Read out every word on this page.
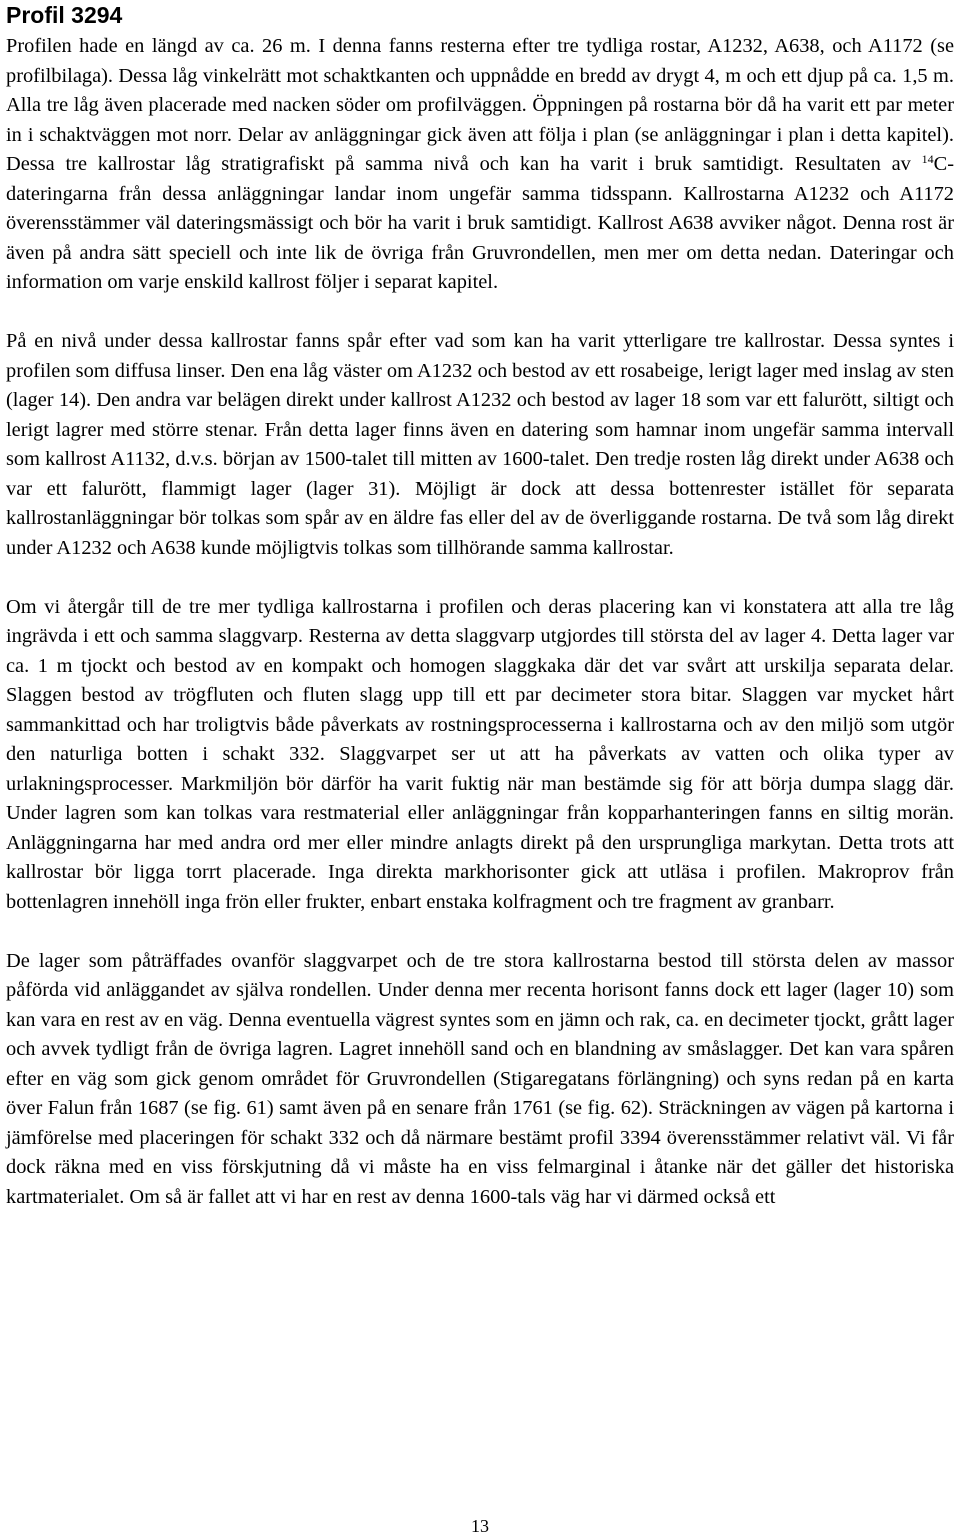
Profil 3294

Profilen hade en längd av ca. 26 m. I denna fanns resterna efter tre tydliga rostar, A1232, A638, och A1172 (se profilbilaga). Dessa låg vinkelrätt mot schaktkanten och uppnådde en bredd av drygt 4, m och ett djup på ca. 1,5 m. Alla tre låg även placerade med nacken söder om profilväggen. Öppningen på rostarna bör då ha varit ett par meter in i schaktväggen mot norr. Delar av anläggningar gick även att följa i plan (se anläggningar i plan i detta kapitel). Dessa tre kallrostar låg stratigrafiskt på samma nivå och kan ha varit i bruk samtidigt. Resultaten av $^{14}$C-dateringarna från dessa anläggningar landar inom ungefär samma tidsspann. Kallrostarna A1232 och A1172 överensstämmer väl dateringsmässigt och bör ha varit i bruk samtidigt. Kallrost A638 avviker något. Denna rost är även på andra sätt speciell och inte lik de övriga från Gruvrondellen, men mer om detta nedan. Dateringar och information om varje enskild kallrost följer i separat kapitel.

På en nivå under dessa kallrostar fanns spår efter vad som kan ha varit ytterligare tre kallrostar. Dessa syntes i profilen som diffusa linser. Den ena låg väster om A1232 och bestod av ett rosabeige, lerigt lager med inslag av sten (lager 14). Den andra var belägen direkt under kallrost A1232 och bestod av lager 18 som var ett falurött, siltigt och lerigt lagrer med större stenar. Från detta lager finns även en datering som hamnar inom ungefär samma intervall som kallrost A1132, d.v.s. början av 1500-talet till mitten av 1600-talet. Den tredje rosten låg direkt under A638 och var ett falurött, flammigt lager (lager 31). Möjligt är dock att dessa bottenrester istället för separata kallrostanläggningar bör tolkas som spår av en äldre fas eller del av de överliggande rostarna. De två som låg direkt under A1232 och A638 kunde möjligtvis tolkas som tillhörande samma kallrostar.

Om vi återgår till de tre mer tydliga kallrostarna i profilen och deras placering kan vi konstatera att alla tre låg ingrävda i ett och samma slaggvarp. Resterna av detta slaggvarp utgjordes till största del av lager 4. Detta lager var ca. 1 m tjockt och bestod av en kompakt och homogen slaggkaka där det var svårt att urskilja separata delar. Slaggen bestod av trögfluten och fluten slagg upp till ett par decimeter stora bitar. Slaggen var mycket hårt sammankittad och har troligtvis både påverkats av rostningsprocesserna i kallrostarna och av den miljö som utgör den naturliga botten i schakt 332. Slaggvarpet ser ut att ha påverkats av vatten och olika typer av urlakningsprocesser. Markmiljön bör därför ha varit fuktig när man bestämde sig för att börja dumpa slagg där. Under lagren som kan tolkas vara restmaterial eller anläggningar från kopparhanteringen fanns en siltig morän. Anläggningarna har med andra ord mer eller mindre anlagts direkt på den ursprungliga markytan. Detta trots att kallrostar bör ligga torrt placerade. Inga direkta markhorisonter gick att utläsa i profilen. Makroprov från bottenlagren innehöll inga frön eller frukter, enbart enstaka kolfragment och tre fragment av granbarr.

De lager som påträffades ovanför slaggvarpet och de tre stora kallrostarna bestod till största delen av massor påförda vid anläggandet av själva rondellen. Under denna mer recenta horisont fanns dock ett lager (lager 10) som kan vara en rest av en väg. Denna eventuella vägrest syntes som en jämn och rak, ca. en decimeter tjockt, grått lager och avvek tydligt från de övriga lagren. Lagret innehöll sand och en blandning av småslagger. Det kan vara spåren efter en väg som gick genom området för Gruvrondellen (Stigaregatans förlängning) och syns redan på en karta över Falun från 1687 (se fig. 61) samt även på en senare från 1761 (se fig. 62). Sträckningen av vägen på kartorna i jämförelse med placeringen för schakt 332 och då närmare bestämt profil 3394 överensstämmer relativt väl. Vi får dock räkna med en viss förskjutning då vi måste ha en viss felmarginal i åtanke när det gäller det historiska kartmaterialet. Om så är fallet att vi har en rest av denna 1600-tals väg har vi därmed också ett

13
